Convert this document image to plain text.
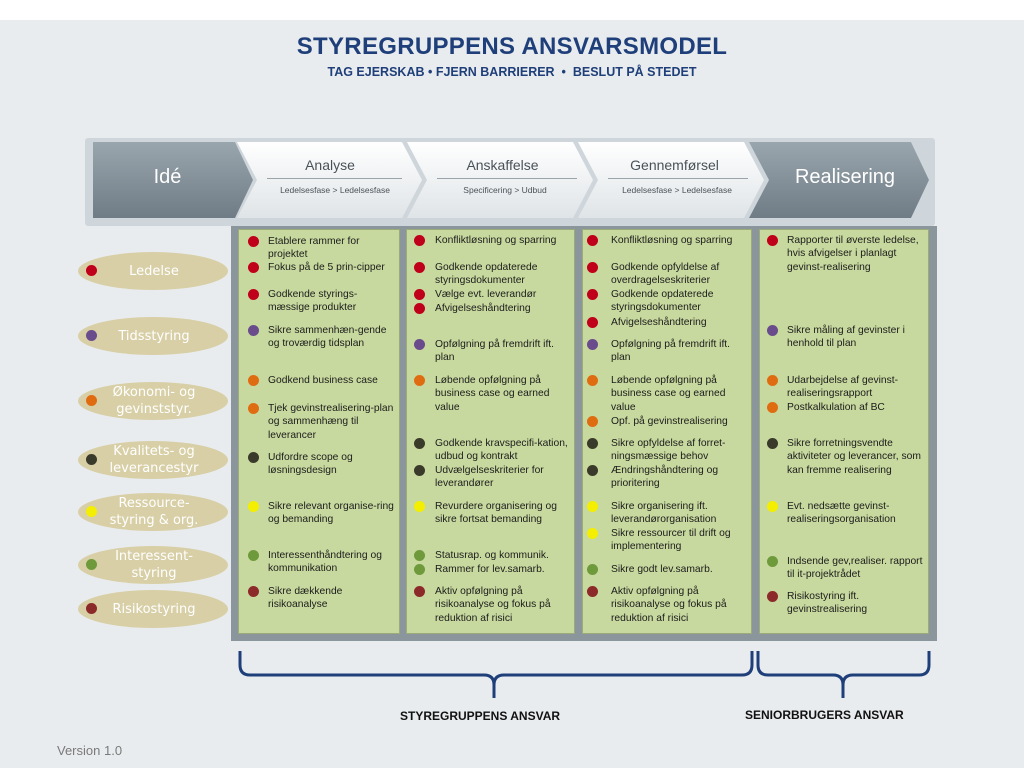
STYREGRUPPENS ANSVARSMODEL
TAG EJERSKAB • FJERN BARRIERER  •  BESLUT PÅ STEDET
Idé
Analyse
Ledelsesfase > Ledelsesfase
Anskaffelse
Specificering > Udbud
Gennemførsel
Ledelsesfase > Ledelsesfase
Realisering
Etablere rammer for projektet
Fokus på de 5 prin-cipper
Godkende styrings-mæssige produkter
Sikre sammenhæn-gende og troværdig tidsplan
Godkend business case
Tjek gevinstrealisering-plan og sammenhæng til leverancer
Udfordre scope og løsningsdesign
Sikre relevant organise-ring og bemanding
Interessenthåndtering og kommunikation
Sikre dækkende risikoanalyse
Konfliktløsning og sparring
Godkende opdaterede styringsdokumenter
Vælge evt. leverandør
Afvigelseshåndtering
Opfølgning på fremdrift ift. plan
Løbende opfølgning på business case og earned value
Godkende kravspecifi-kation, udbud og kontrakt
Udvælgelseskriterier for leverandører
Revurdere organisering og sikre fortsat bemanding
Statusrap. og kommunik.
Rammer for lev.samarb.
Aktiv opfølgning på risikoanalyse og fokus på reduktion af risici
Konfliktløsning og sparring
Godkende opfyldelse af overdragelseskriterier
Godkende opdaterede styringsdokumenter
Afvigelseshåndtering
Opfølgning på fremdrift ift. plan
Løbende opfølgning på business case og earned value
Opf. på gevinstrealisering
Sikre opfyldelse af forret-ningsmæssige behov
Ændringshåndtering og prioritering
Sikre organisering ift. leverandørorganisation
Sikre ressourcer til drift og implementering
Sikre godt lev.samarb.
Aktiv opfølgning på risikoanalyse og fokus på reduktion af risici
Rapporter til øverste ledelse, hvis afvigelser i planlagt gevinst-realisering
Sikre måling af gevinster i henhold til plan
Udarbejdelse af gevinst-realiseringsrapport
Postkalkulation af BC
Sikre forretningsvendte aktiviteter og leverancer, som kan fremme realisering
Evt. nedsætte gevinst-realiseringsorganisation
Indsende gev,realiser. rapport til it-projektrådet
Risikostyring ift. gevinstrealisering
Ledelse
Tidsstyring
Økonomi- og gevinststyr.
Kvalitets- og leverancestyr
Ressource-styring & org.
Interessent-styring
Risikostyring
STYREGRUPPENS ANSVAR	SENIORBRUGERS ANSVAR
Version 1.0
